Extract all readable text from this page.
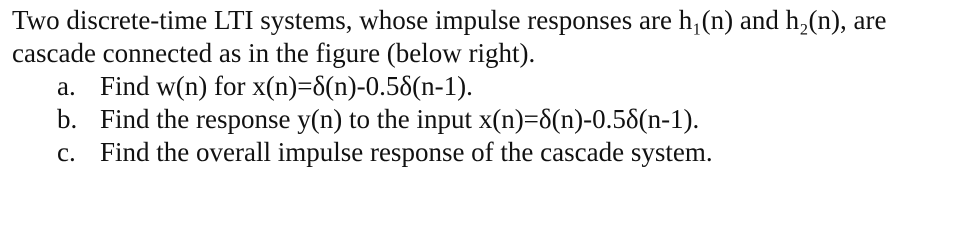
Two discrete-time LTI systems, whose impulse responses are h₁(n) and h₂(n), are
cascade connected as in the figure (below right).
a. Find w(n) for x(n)=δ(n)-0.5δ(n-1).
b. Find the response y(n) to the input x(n)=δ(n)-0.5δ(n-1).
c. Find the overall impulse response of the cascade system.
